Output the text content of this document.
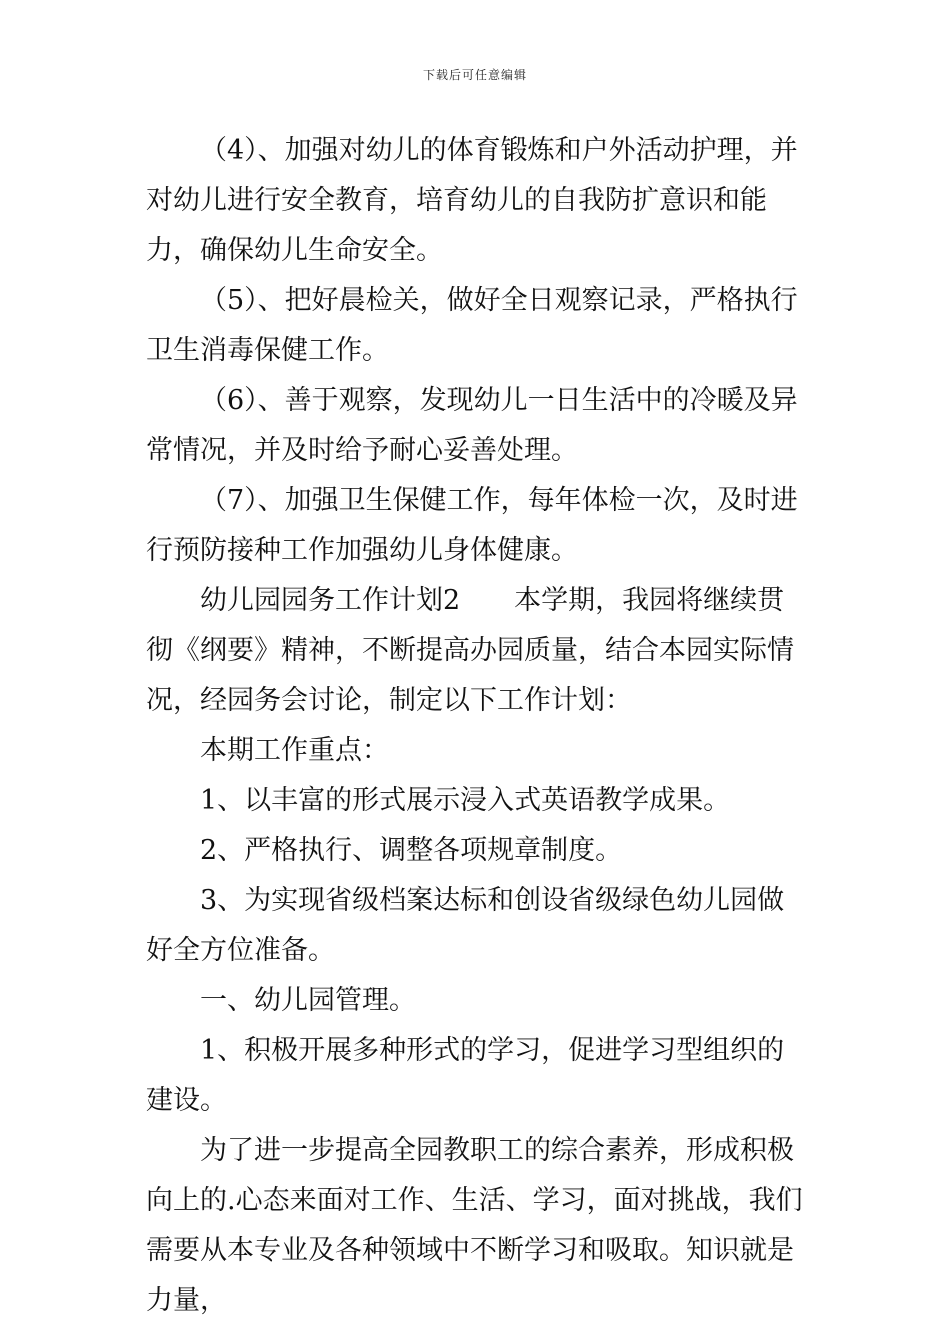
下载后可任意编辑

（4）、加强对幼儿的体育锻炼和户外活动护理，并对幼儿进行安全教育，培育幼儿的自我防扩意识和能力，确保幼儿生命安全。

（5）、把好晨检关，做好全日观察记录，严格执行卫生消毒保健工作。

（6）、善于观察，发现幼儿一日生活中的冷暖及异常情况，并及时给予耐心妥善处理。

（7）、加强卫生保健工作，每年体检一次，及时进行预防接种工作加强幼儿身体健康。

幼儿园园务工作计划2　　本学期，我园将继续贯彻《纲要》精神，不断提高办园质量，结合本园实际情况，经园务会讨论，制定以下工作计划：

本期工作重点：

1、以丰富的形式展示浸入式英语教学成果。

2、严格执行、调整各项规章制度。

3、为实现省级档案达标和创设省级绿色幼儿园做好全方位准备。

一、幼儿园管理。

1、积极开展多种形式的学习，促进学习型组织的建设。

为了进一步提高全园教职工的综合素养，形成积极向上的.心态来面对工作、生活、学习，面对挑战，我们需要从本专业及各种领域中不断学习和吸取。知识就是力量，
